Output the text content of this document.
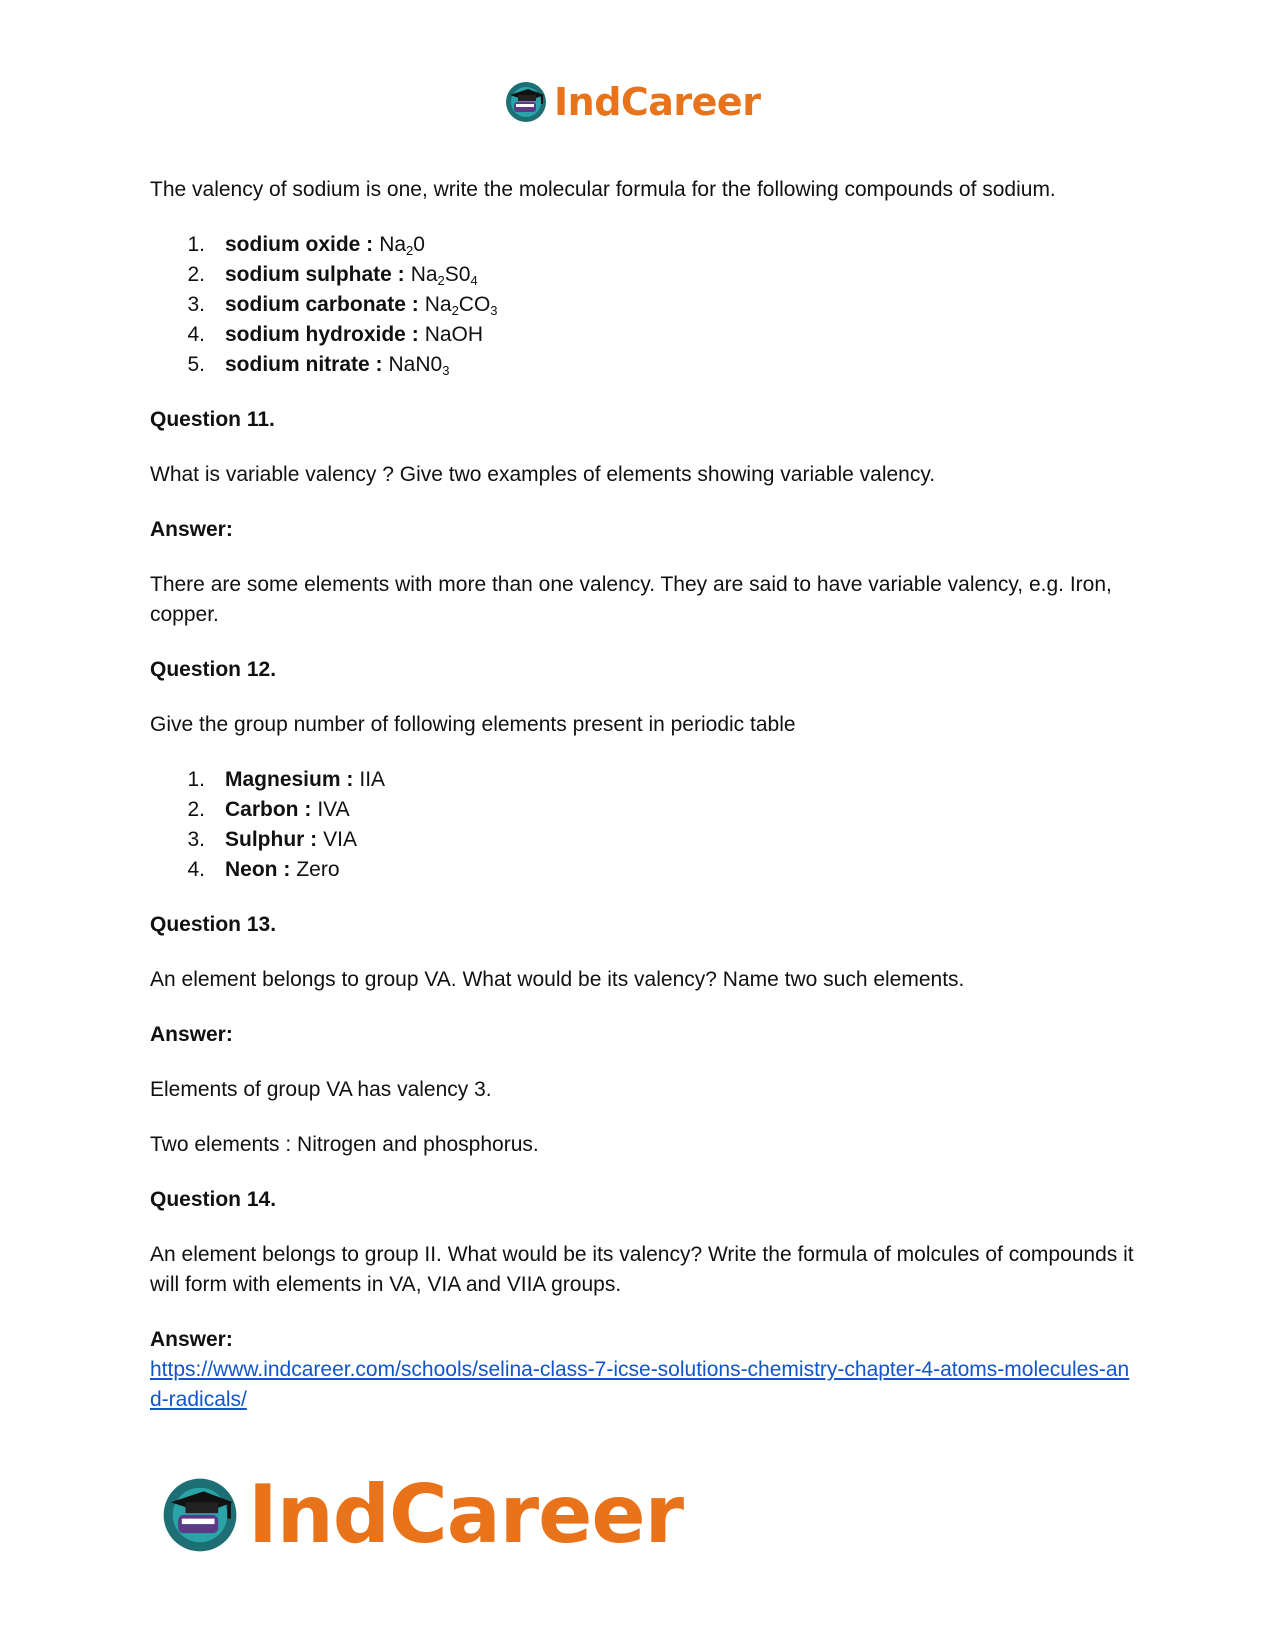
IndCareer

The valency of sodium is one, write the molecular formula for the following compounds of sodium.

1. sodium oxide : $Na_20$
2. sodium sulphate : $Na_2S0_4$
3. sodium carbonate : $Na_2CO_3$
4. sodium hydroxide : NaOH
5. sodium nitrate : $NaN0_3$

Question 11.

What is variable valency ? Give two examples of elements showing variable valency.

Answer:

There are some elements with more than one valency. They are said to have variable valency, e.g. Iron, copper.

Question 12.

Give the group number of following elements present in periodic table

1. Magnesium : IIA
2. Carbon : IVA
3. Sulphur : VIA
4. Neon : Zero

Question 13.

An element belongs to group VA. What would be its valency? Name two such elements.

Answer:

Elements of group VA has valency 3.

Two elements : Nitrogen and phosphorus.

Question 14.

An element belongs to group II. What would be its valency? Write the formula of molcules of compounds it will form with elements in VA, VIA and VIIA groups.

Answer:

https://www.indcareer.com/schools/selina-class-7-icse-solutions-chemistry-chapter-4-atoms-molecules-and-radicals/

IndCareer
